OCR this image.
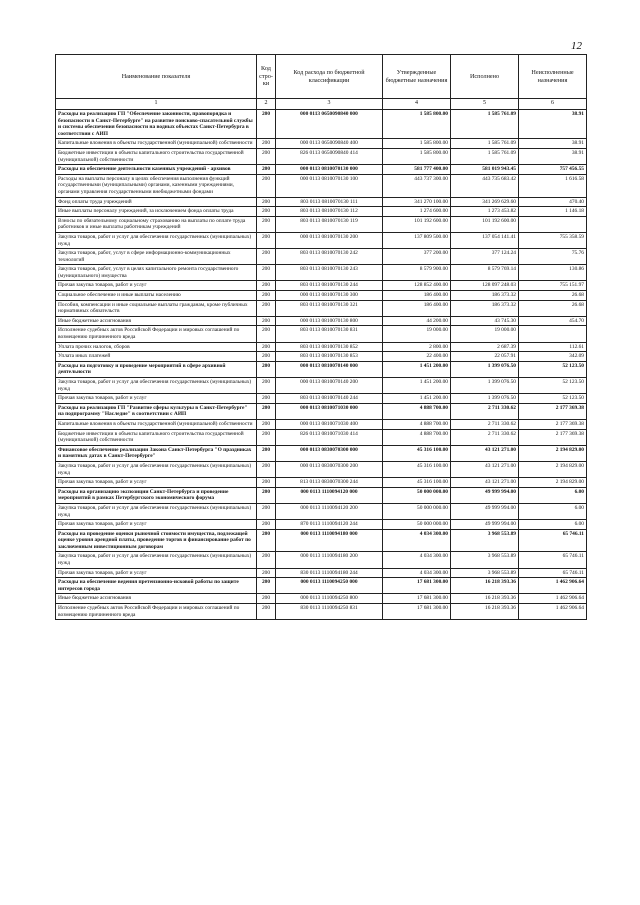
12
Наименование показателя	Код стро-ки	Код расхода по бюджетной классификации	Утвержденные бюджетные назначения	Исполнено	Неисполненные назначения
1	2	3	4	5	6
Расходы на реализацию ГП "Обеспечение законности, правопорядка и безопасности в Санкт-Петербурге" на развитие поисково-спасательной службы и системы обеспечения безопасности на водных объектах Санкт-Петербурга в соответствии с АИП	200	000 0113 0650090840 000	1 585 800.00	1 585 761.09	38.91
Капитальные вложения в объекты государственной (муниципальной) собственности	200	000 0113 0650090840 400	1 585 800.00	1 585 761.09	38.91
Бюджетные инвестиции в объекты капитального строительства государственной (муниципальной) собственности	200	826 0113 0650090840 414	1 585 800.00	1 585 761.09	38.91
Расходы на обеспечение деятельности казенных учреждений - архивов	200	000 0113 0810070130 000	581 777 400.00	581 019 943.45	757 456.55
Расходы на выплаты персоналу в целях обеспечения выполнения функций государственными (муниципальными) органами, казенными учреждениями, органами управления государственными внебюджетными фондами	200	000 0113 0810070130 100	443 737 300.00	443 735 683.42	1 616.58
Фонд оплаты труда учреждений	200	803 0113 0810070130 111	341 270 100.00	341 269 629.60	470.40
Иные выплаты персоналу учреждений, за исключением фонда оплаты труда	200	803 0113 0810070130 112	1 274 600.00	1 273 453.82	1 146.18
Взносы по обязательному социальному страхованию на выплаты по оплате труда работников и иные выплаты работникам учреждений	200	803 0113 0810070130 119	101 192 600.00	101 192 600.00	
Закупка товаров, работ и услуг для обеспечения государственных (муниципальных) нужд	200	000 0113 0810070130 200	137 809 500.00	137 054 141.41	755 358.59
Закупка товаров, работ, услуг в сфере информационно-коммуникационных технологий	200	803 0113 0810070130 242	377 200.00	377 124.24	75.76
Закупка товаров, работ, услуг в целях капитального ремонта государственного (муниципального) имущества	200	803 0113 0810070130 243	8 579 900.00	8 579 769.14	130.86
Прочая закупка товаров, работ и услуг	200	803 0113 0810070130 244	128 852 400.00	128 097 248.03	755 151.97
Социальное обеспечение и иные выплаты населению	200	000 0113 0810070130 300	186 400.00	186 373.32	26.68
Пособия, компенсации и иные социальные выплаты гражданам, кроме публичных нормативных обязательств	200	803 0113 0810070130 321	186 400.00	186 373.32	26.68
Иные бюджетные ассигнования	200	000 0113 0810070130 800	44 200.00	43 745.30	454.70
Исполнение судебных актов Российской Федерации и мировых соглашений по возмещению причиненного вреда	200	803 0113 0810070130 831	19 000.00	19 000.00	
Уплата прочих налогов, сборов	200	803 0113 0810070130 852	2 800.00	2 687.39	112.61
Уплата иных платежей	200	803 0113 0810070130 853	22 400.00	22 057.91	342.09
Расходы на подготовку и проведение мероприятий в сфере архивной деятельности	200	000 0113 0810070140 000	1 451 200.00	1 399 076.50	52 123.50
Закупка товаров, работ и услуг для обеспечения государственных (муниципальных) нужд	200	000 0113 0810070140 200	1 451 200.00	1 399 076.50	52 123.50
Прочая закупка товаров, работ и услуг	200	803 0113 0810070140 244	1 451 200.00	1 399 076.50	52 123.50
Расходы на реализацию ГП "Развитие сферы культуры в Санкт-Петербурге" на подпрограмму "Наследие" в соответствии с АИП	200	000 0113 0810071030 000	4 888 700.00	2 711 330.62	2 177 369.38
Капитальные вложения в объекты государственной (муниципальной) собственности	200	000 0113 0810071030 400	4 888 700.00	2 711 330.62	2 177 369.38
Бюджетные инвестиции в объекты капитального строительства государственной (муниципальной) собственности	200	826 0113 0810071030 414	4 888 700.00	2 711 330.62	2 177 369.38
Финансовое обеспечение реализации Закона Санкт-Петербурга "О праздниках и памятных датах в Санкт-Петербурге"	200	000 0113 0830070300 000	45 316 100.00	43 121 271.00	2 194 829.00
Закупка товаров, работ и услуг для обеспечения государственных (муниципальных) нужд	200	000 0113 0830070300 200	45 316 100.00	43 121 271.00	2 194 829.00
Прочая закупка товаров, работ и услуг	200	813 0113 0830070300 244	45 316 100.00	43 121 271.00	2 194 829.00
Расходы на организацию экспозиции Санкт-Петербурга и проведение мероприятий в рамках Петербургского экономического форума	200	000 0113 1110094120 000	50 000 000.00	49 999 994.00	6.00
Закупка товаров, работ и услуг для обеспечения государственных (муниципальных) нужд	200	000 0113 1110094120 200	50 000 000.00	49 999 994.00	6.00
Прочая закупка товаров, работ и услуг	200	870 0113 1110094120 244	50 000 000.00	49 999 994.00	6.00
Расходы на проведение оценки рыночной стоимости имущества, подлежащей оценке уровня арендной платы, проведение торгов и финансирование работ по заключенным инвестиционным договорам	200	000 0113 1110094180 000	4 034 300.00	3 968 553.89	65 746.11
Закупка товаров, работ и услуг для обеспечения государственных (муниципальных) нужд	200	000 0113 1110094180 200	4 034 300.00	3 968 553.89	65 746.11
Прочая закупка товаров, работ и услуг	200	830 0113 1110094180 244	4 034 300.00	3 968 553.89	65 746.11
Расходы на обеспечение ведения претензионно-исковой работы по защите интересов города	200	000 0113 1110094250 000	17 681 300.00	16 218 393.36	1 462 906.64
Иные бюджетные ассигнования	200	000 0113 1110094250 800	17 681 300.00	16 218 393.36	1 462 906.64
Исполнение судебных актов Российской Федерации и мировых соглашений по возмещению причиненного вреда	200	830 0113 1110094250 831	17 681 300.00	16 218 393.36	1 462 906.64
